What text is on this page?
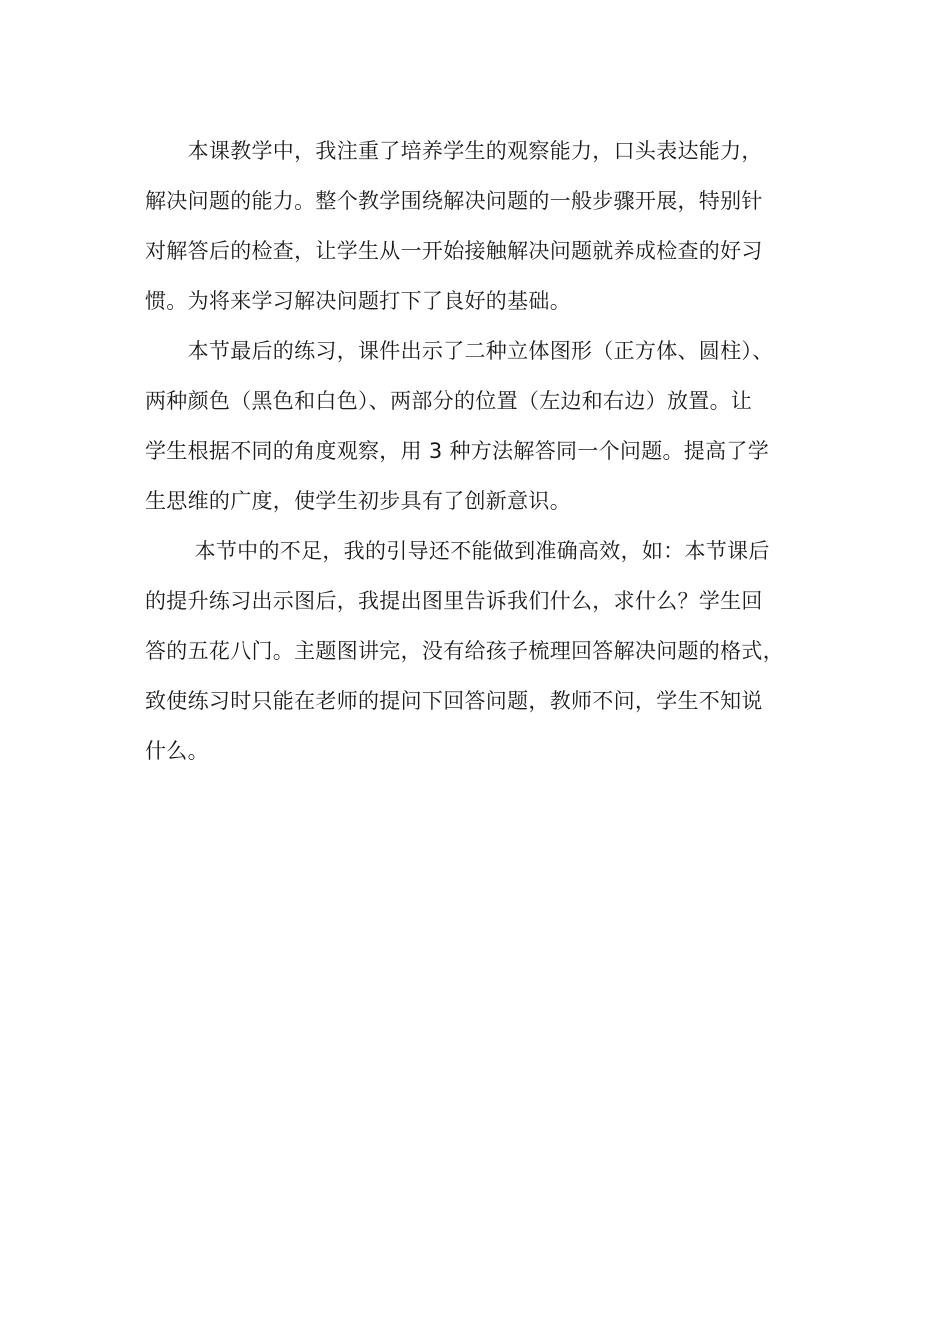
　　本课教学中，我注重了培养学生的观察能力，口头表达能力，

解决问题的能力。整个教学围绕解决问题的一般步骤开展，特别针

对解答后的检查，让学生从一开始接触解决问题就养成检查的好习

惯。为将来学习解决问题打下了良好的基础。

　　本节最后的练习，课件出示了二种立体图形（正方体、圆柱）、

两种颜色（黑色和白色）、两部分的位置（左边和右边）放置。让

学生根据不同的角度观察，用 3 种方法解答同一个问题。提高了学

生思维的广度，使学生初步具有了创新意识。

　　 本节中的不足，我的引导还不能做到准确高效，如：本节课后

的提升练习出示图后，我提出图里告诉我们什么，求什么？学生回

答的五花八门。主题图讲完，没有给孩子梳理回答解决问题的格式，

致使练习时只能在老师的提问下回答问题，教师不问，学生不知说

什么。
